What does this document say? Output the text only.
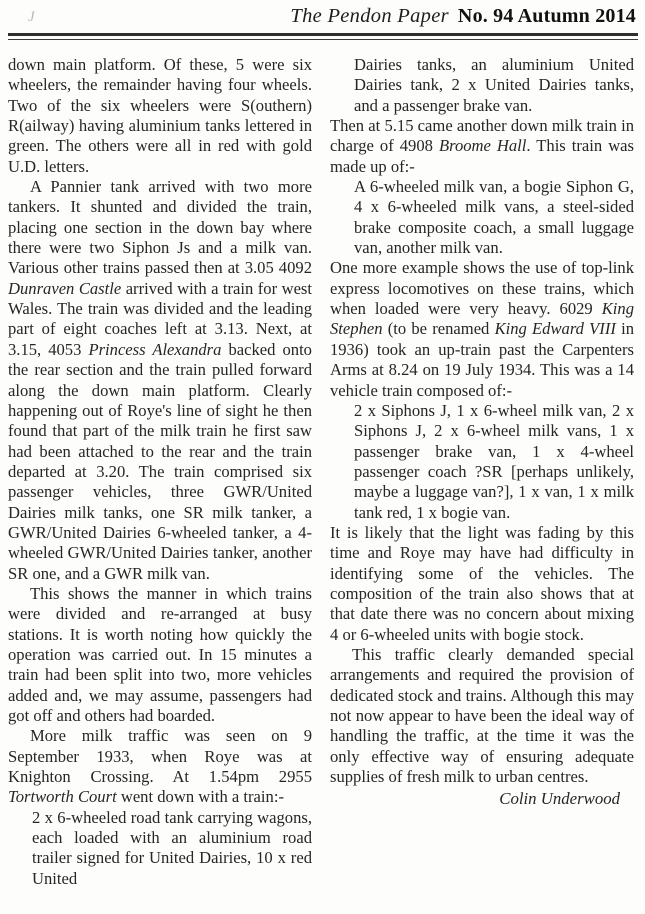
J	The Pendon Paper No. 94 Autumn 2014

down main platform. Of these, 5 were six wheelers, the remainder having four wheels. Two of the six wheelers were S(outhern) R(ailway) having aluminium tanks lettered in green. The others were all in red with gold U.D. letters.

A Pannier tank arrived with two more tankers. It shunted and divided the train, placing one section in the down bay where there were two Siphon Js and a milk van. Various other trains passed then at 3.05 4092 Dunraven Castle arrived with a train for west Wales. The train was divided and the leading part of eight coaches left at 3.13. Next, at 3.15, 4053 Princess Alexandra backed onto the rear section and the train pulled forward along the down main platform. Clearly happening out of Roye's line of sight he then found that part of the milk train he first saw had been attached to the rear and the train departed at 3.20. The train comprised six passenger vehicles, three GWR/United Dairies milk tanks, one SR milk tanker, a GWR/United Dairies 6-wheeled tanker, a 4-wheeled GWR/United Dairies tanker, another SR one, and a GWR milk van.

This shows the manner in which trains were divided and re-arranged at busy stations. It is worth noting how quickly the operation was carried out. In 15 minutes a train had been split into two, more vehicles added and, we may assume, passengers had got off and others had boarded.

More milk traffic was seen on 9 September 1933, when Roye was at Knighton Crossing. At 1.54pm 2955 Tortworth Court went down with a train:-

2 x 6-wheeled road tank carrying wagons, each loaded with an aluminium road trailer signed for United Dairies, 10 x red United

Dairies tanks, an aluminium United Dairies tank, 2 x United Dairies tanks, and a passenger brake van.

Then at 5.15 came another down milk train in charge of 4908 Broome Hall. This train was made up of:-

A 6-wheeled milk van, a bogie Siphon G, 4 x 6-wheeled milk vans, a steel-sided brake composite coach, a small luggage van, another milk van.

One more example shows the use of top-link express locomotives on these trains, which when loaded were very heavy. 6029 King Stephen (to be renamed King Edward VIII in 1936) took an up-train past the Carpenters Arms at 8.24 on 19 July 1934. This was a 14 vehicle train composed of:-

2 x Siphons J, 1 x 6-wheel milk van, 2 x Siphons J, 2 x 6-wheel milk vans, 1 x passenger brake van, 1 x 4-wheel passenger coach ?SR [perhaps unlikely, maybe a luggage van?], 1 x van, 1 x milk tank red, 1 x bogie van.

It is likely that the light was fading by this time and Roye may have had difficulty in identifying some of the vehicles. The composition of the train also shows that at that date there was no concern about mixing 4 or 6-wheeled units with bogie stock.

This traffic clearly demanded special arrangements and required the provision of dedicated stock and trains. Although this may not now appear to have been the ideal way of handling the traffic, at the time it was the only effective way of ensuring adequate supplies of fresh milk to urban centres.

Colin Underwood
